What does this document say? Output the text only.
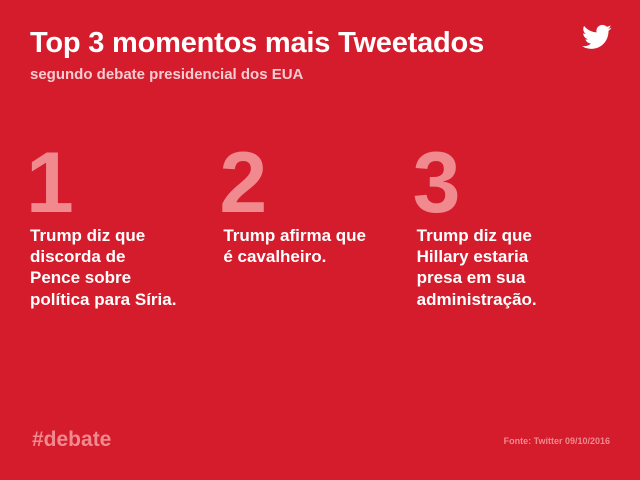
Top 3 momentos mais Tweetados

segundo debate presidencial dos EUA

1
Trump diz que discorda de Pence sobre política para Síria.
2
Trump afirma que é cavalheiro.
3
Trump diz que Hillary estaria presa em sua administração.
#debate	Fonte: Twitter 09/10/2016
